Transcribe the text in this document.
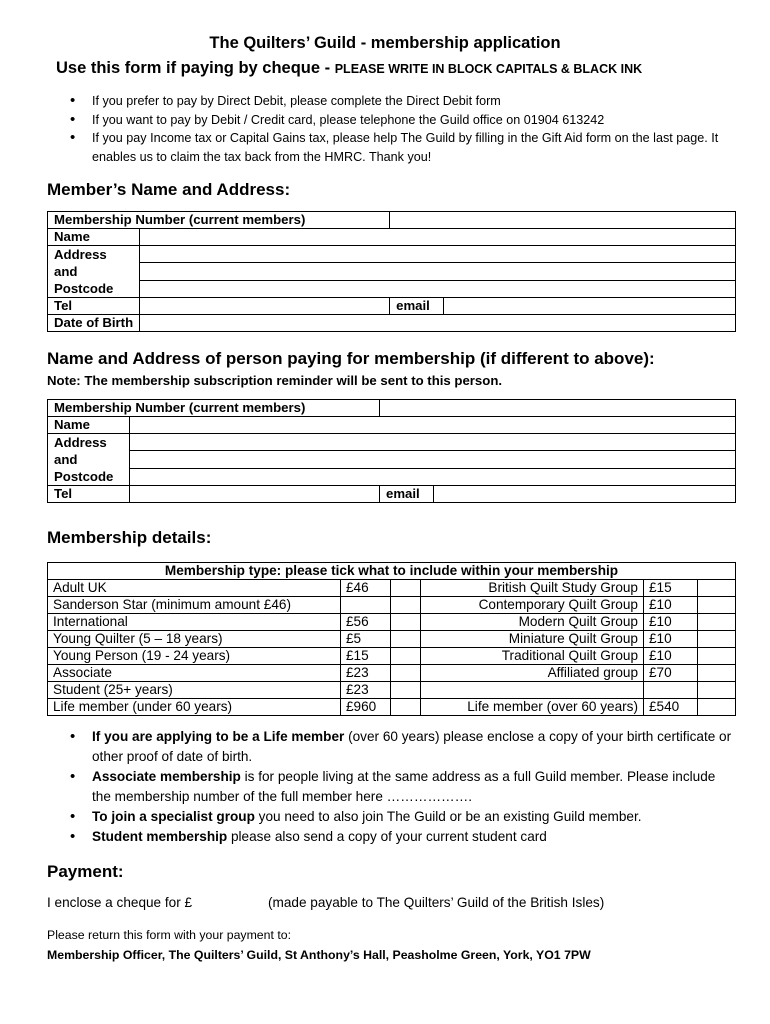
The Quilters’ Guild - membership application
Use this form if paying by cheque - PLEASE WRITE IN BLOCK CAPITALS & BLACK INK
• If you prefer to pay by Direct Debit, please complete the Direct Debit form
• If you want to pay by Debit / Credit card, please telephone the Guild office on 01904 613242
• If you pay Income tax or Capital Gains tax, please help The Guild by filling in the Gift Aid form on the last page. It enables us to claim the tax back from the HMRC. Thank you!
Member’s Name and Address:
Membership Number (current members)			
Name			

Address
and
Postcode			

Tel		email	
Date of Birth			
Name and Address of person paying for membership (if different to above):
Note: The membership subscription reminder will be sent to this person.
Membership Number (current members)			
Name			

Address
and
Postcode			

Tel		email	
Membership details:
Membership type: please tick what to include within your membership					
Adult UK	£46		British Quilt Study Group	£15	
Sanderson Star (minimum amount £46)			Contemporary Quilt Group	£10	
International	£56		Modern Quilt Group	£10	
Young Quilter (5 – 18 years)	£5		Miniature Quilt Group	£10	
Young Person (19 - 24 years)	£15		Traditional Quilt Group	£10	
Associate	£23		Affiliated group	£70	
Student (25+ years)	£23				
Life member (under 60 years)	£960		Life member (over 60 years)	£540	
• If you are applying to be a Life member (over 60 years) please enclose a copy of your birth certificate or other proof of date of birth.
• Associate membership is for people living at the same address as a full Guild member. Please include the membership number of the full member here ……………….
• To join a specialist group you need to also join The Guild or be an existing Guild member.
• Student membership please also send a copy of your current student card
Payment:
I enclose a cheque for £	(made payable to The Quilters’ Guild of the British Isles)
Please return this form with your payment to:
Membership Officer, The Quilters’ Guild, St Anthony’s Hall, Peasholme Green, York, YO1 7PW
